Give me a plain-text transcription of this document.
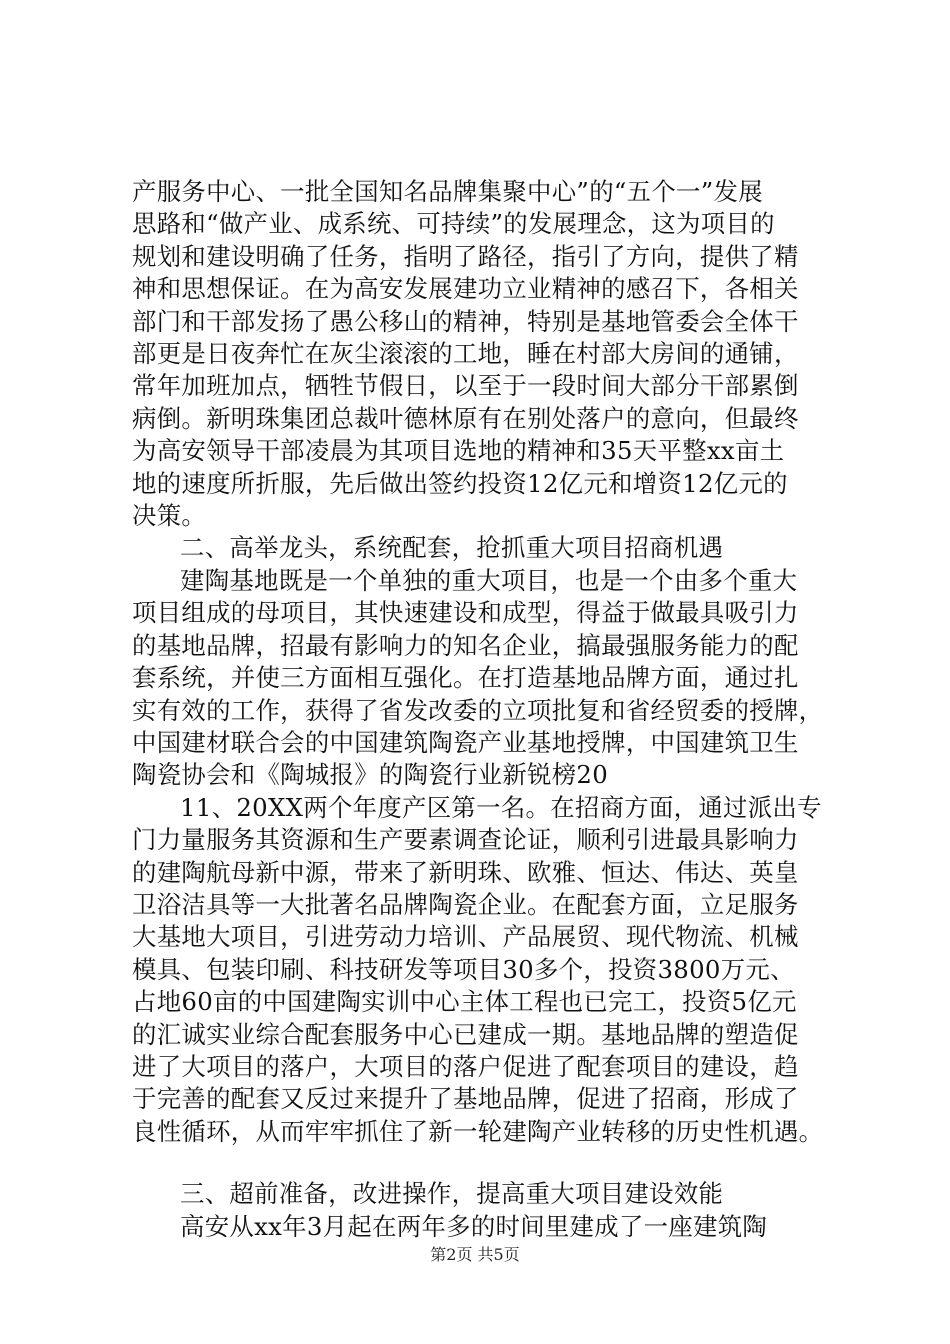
产服务中心、一批全国知名品牌集聚中心”的“五个一”发展
思路和“做产业、成系统、可持续”的发展理念，这为项目的
规划和建设明确了任务，指明了路径，指引了方向，提供了精
神和思想保证。在为高安发展建功立业精神的感召下，各相关
部门和干部发扬了愚公移山的精神，特别是基地管委会全体干
部更是日夜奔忙在灰尘滚滚的工地，睡在村部大房间的通铺，
常年加班加点，牺牲节假日，以至于一段时间大部分干部累倒
病倒。新明珠集团总裁叶德林原有在别处落户的意向，但最终
为高安领导干部凌晨为其项目选地的精神和35天平整xx亩土
地的速度所折服，先后做出签约投资12亿元和增资12亿元的
决策。
二、高举龙头，系统配套，抢抓重大项目招商机遇
建陶基地既是一个单独的重大项目，也是一个由多个重大
项目组成的母项目，其快速建设和成型，得益于做最具吸引力
的基地品牌，招最有影响力的知名企业，搞最强服务能力的配
套系统，并使三方面相互强化。在打造基地品牌方面，通过扎
实有效的工作，获得了省发改委的立项批复和省经贸委的授牌，
中国建材联合会的中国建筑陶瓷产业基地授牌，中国建筑卫生
陶瓷协会和《陶城报》的陶瓷行业新锐榜20
11、20XX两个年度产区第一名。在招商方面，通过派出专
门力量服务其资源和生产要素调查论证，顺利引进最具影响力
的建陶航母新中源，带来了新明珠、欧雅、恒达、伟达、英皇
卫浴洁具等一大批著名品牌陶瓷企业。在配套方面，立足服务
大基地大项目，引进劳动力培训、产品展贸、现代物流、机械
模具、包装印刷、科技研发等项目30多个，投资3800万元、
占地60亩的中国建陶实训中心主体工程也已完工，投资5亿元
的汇诚实业综合配套服务中心已建成一期。基地品牌的塑造促
进了大项目的落户，大项目的落户促进了配套项目的建设，趋
于完善的配套又反过来提升了基地品牌，促进了招商，形成了
良性循环，从而牢牢抓住了新一轮建陶产业转移的历史性机遇。
三、超前准备，改进操作，提高重大项目建设效能
高安从xx年3月起在两年多的时间里建成了一座建筑陶
第2页 共5页
